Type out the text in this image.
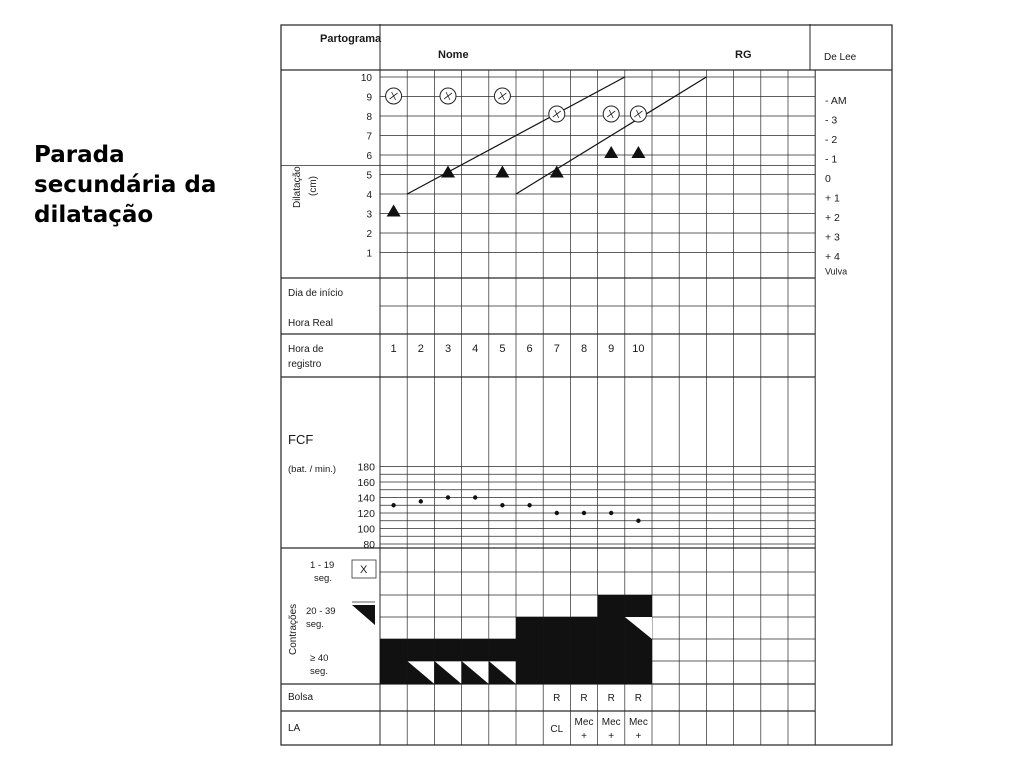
Parada
secundária da
dilatação
Partograma
Nome	RG	De Lee
Dilatação (cm)
Dia de início
Hora Real
Hora de
registro
FCF
(bat. / min.)
Contrações
1 - 19
seg.
20 - 39
seg.
≥ 40
seg.
X
Bolsa
LA
10
9
8
7
6
5
4
3
2
1
- AM
- 3
- 2
- 1
0
+ 1
+ 2
+ 3
+ 4
Vulva
1 2 3 4 5 6 7 8 9 10
180
160
140
120
100
80
R R R R
CL
Mec
+
Mec
+
Mec
+
